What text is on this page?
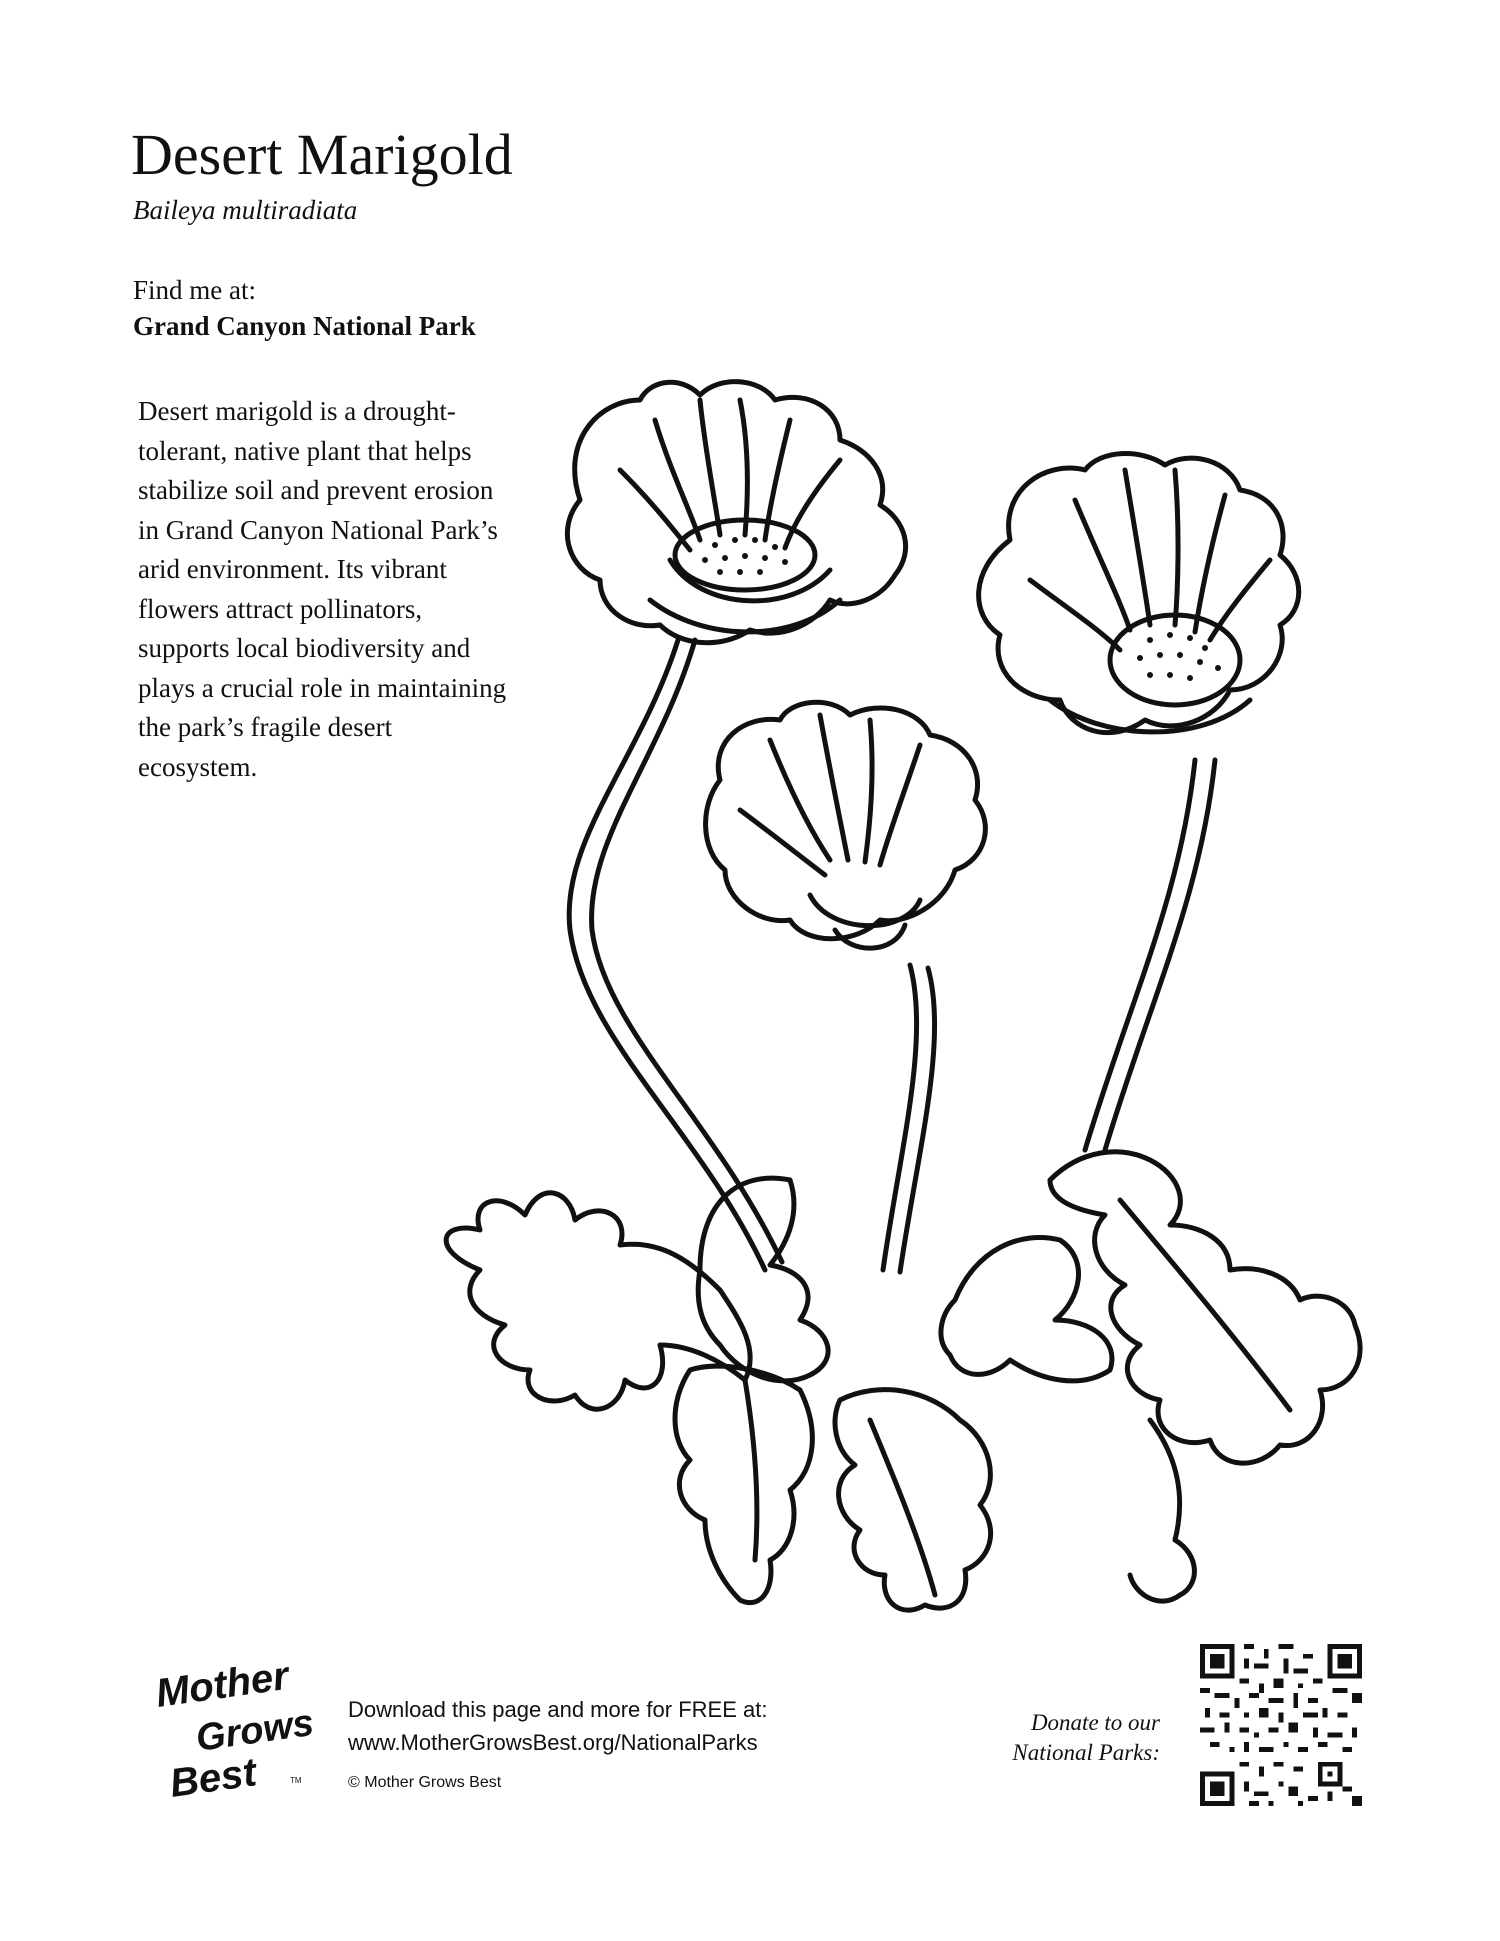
Desert Marigold
Baileya multiradiata
Find me at:
Grand Canyon National Park

Desert marigold is a drought-tolerant, native plant that helps stabilize soil and prevent erosion in Grand Canyon National Park’s arid environment. Its vibrant flowers attract pollinators, supports local biodiversity and plays a crucial role in maintaining the park’s fragile desert ecosystem.

Mother
Grows
Best	TM
Download this page and more for FREE at:
www.MotherGrowsBest.org/NationalParks
© Mother Grows Best
Donate to our
National Parks:
